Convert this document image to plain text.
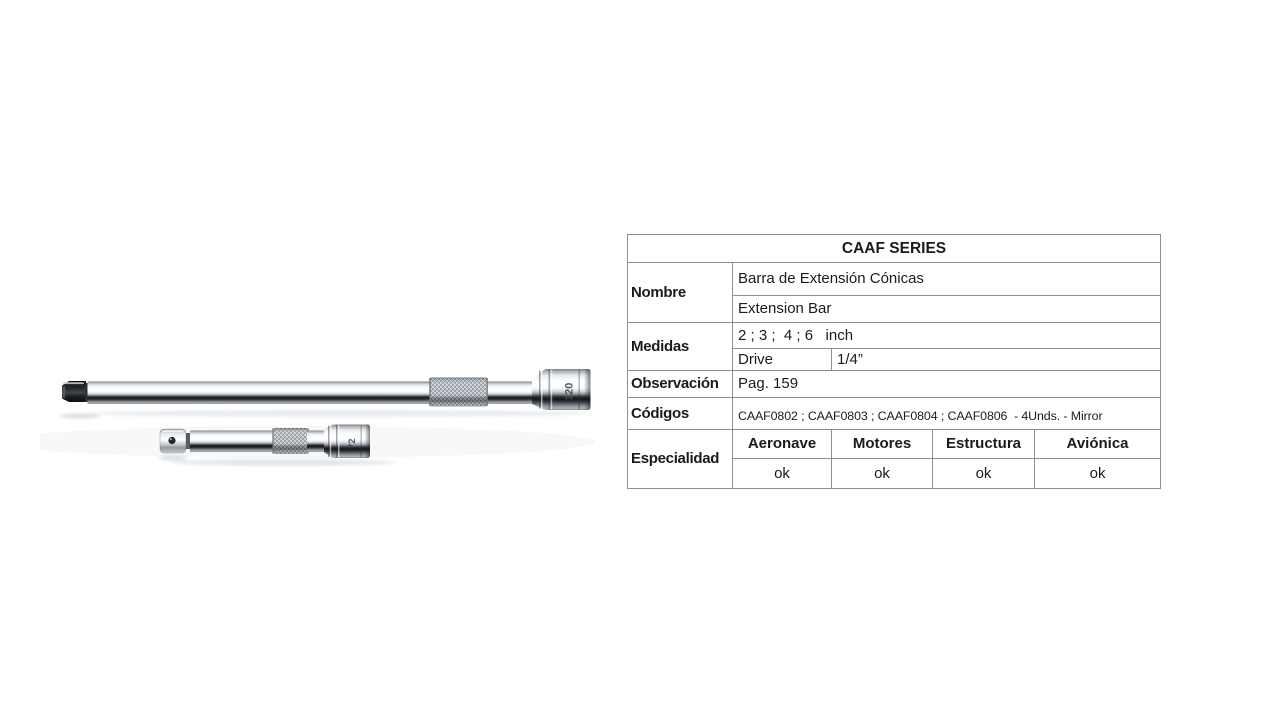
CAAF SERIES				
Nombre	Barra de Extensión Cónicas			
	Extension Bar			
Medidas	2 ; 3 ;  4 ; 6   inch			
	Drive	1/4”		
Observación	Pag. 159			
Códigos	CAAF0802 ; CAAF0803 ; CAAF0804 ; CAAF0806  - 4Unds. - Mirror			
Especialidad	Aeronave	Motores	Estructura	Aviónica
	ok	ok	ok	ok
